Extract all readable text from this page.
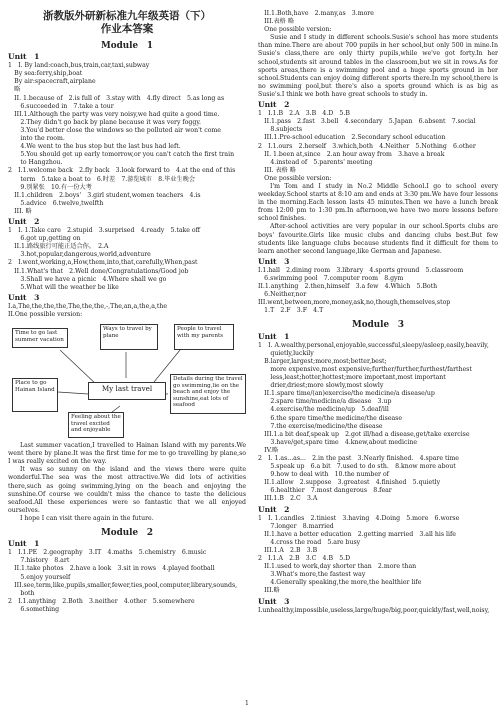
浙教版外研新标准九年级英语（下）
作业本答案
Module　1
Unit　1
1　I. By land:coach,bus,train,car,taxi,subway
　By sea:ferry,ship,boat
　By air:spacecraft,airplane
　略
　II. 1.because of　2.is full of　3.stay with　4.fly direct　5.as long as
　　6.succeeded in　7.take a tour
　III.1.Although the party was very noisy,we had quite a good time.
　　2.They didn't go back by plane because it was very foggy.
　　3.You'd better close the windows so the polluted air won't come
　　into the room.
　　4.We went to the bus stop but the last bus had left.
　　5.You should get up early tomorrow,or you can't catch the first train
　　to Hangzhou.
2　I.1.welcome back　2.fly back　3.look forward to　4.at the end of this
　　term　5.take a boat to　6.时差　7.游览城市　8.毕业生晚会
　　9.别紧张　10.有一份大考
　II.1.children　2.boys'　3.girl student,women teachers　4.is
　　5.advice　6.twelve,twelfth
　III. 略
Unit　2
1　I. 1.Take care　2.stupid　3.surprised　4.ready　5.take off
　　6.got up,getting on
　II.1.路线旅行可能正适合你。　2.A
　　3.hot,popular,dangerous,world,adventure
2　I.went,working,a,How,them,into,that,carefully,When,past
　II.1.What's that　2.Well done/Congratulations/Good job
　　3.Shall we have a picnic　4.Where shall we go
　　5.What will the weather be like
Unit　3
I.a,The,the,the,the,The,the,the,-,The,an,a,the,a,the
II.One possible version:
Time to go last summer vacation
Ways to travel by plane
People to travel with my parents
Place to go Hainan Island	My last travel
Details during the travel go swimming,lie on the beach and enjoy the sunshine,eat lots of seafood
Feeling about the travel excited and enjoyable
Last summer vacation,I travelled to Hainan Island with my parents.We went there by plane.It was the first time for me to go travelling by plane,so I was really excited on the way.
It was so sunny on the island and the views there were quite wonderful.The sea was the most attractive.We did lots of activities there,such as going swimming,lying on the beach and enjoying the sunshine.Of course we couldn't miss the chance to taste the delicious seafood.All these experiences were so fantastic that we all enjoyed ourselves.
I hope I can visit there again in the future.
Module　2
Unit　1
1　I.1.PE　2.geography　3.IT　4.maths　5.chemistry　6.music
　　7.history　8.art
　II.1.take photos　2.have a look　3.sit in rows　4.played football
　　5.enjoy yourself
　III.see,term,like,pupils,smaller,fewer,ties,pool,computer,library,sounds,
　　both
2　I.1.anything　2.Both　3.neither　4.other　5.somewhere
　　6.something
　II.1.Both,have　2.many,as　3.more
　III.表格 略
　One possible version:
Susie and I study in different schools.Susie's school has more students than mine.There are about 700 pupils in her school,but only 500 in mine.In Susie's class,there are only thirty pupils,while we've got forty.In her school,students sit around tables in the classroom,but we sit in rows.As for sports areas,there is a swimming pool and a huge sports ground in her school.Students can enjoy doing different sports there.In my school,there is no swimming pool,but there's also a sports ground which is as big as Susie's.I think we both have great schools to study in.
Unit　2
1　I.1.B　2.A　3.B　4.D　5.B
　II.1.pass　2.fast　3.bell　4.secondary　5.Japan　6.absent　7.social
　　8.subjects
　III.1.Pre-school education　2.Secondary school education
2　I.1.ours　2.herself　3.which,both　4.Neither　5.Nothing　6.other
　II. 1.been at,since　2.an hour away from　3.have a break
　　4.instead of　5.parents' meeting
　III. 表格 略
　One possible version:
I'm Tom and I study in No.2 Middle School.I go to school every weekday.School starts at 8:10 am and ends at 3:30 pm.We have four lessons in the morning.Each lesson lasts 45 minutes.Then we have a lunch break from 12:00 pm to 1:30 pm.In afternoon,we have two more lessons before school finishes.
After-school activities are very popular in our school.Sports clubs are boys' favourite.Girls like music clubs and dancing clubs best.But few students like language clubs because students find it difficult for them to learn another second language,like German and Japanese.
Unit　3
I.1.hall　2.dining room　3.library　4.sports ground　5.classroom
　6.swimming pool　7.computer room　8.gym
II.1.anything　2.then,himself　3.a few　4.Which　5.Both
　6.Neither,nor
III.went,between,more,money,ask,no,though,themselves,stop
　1.T　2.F　3.F　4.T
Module　3
Unit　1
1　I. A.wealthy,personal,enjoyable,successful,sleepy/asleep,easily,heavily,
　　quietly,luckily
　B.larger,largest;more,most;better,best;
　　more expensive,most expensive;further/further,furthest/farthest
　　less,least;hotter,hottest;more important,most important
　　drier,driest;more slowly,most slowly
　II.1.spare time/(an)exercise/the medicine/a disease/up
　　2.spare time/medicine/a disease　3.up
　　4.exercise/the medicine/up　5.deaf/ill
　　6.the spare time/the medicine/the disease
　　7.the exercise/medicine/the disease
　III.1.a bit deaf,speak up　2.got ill/had a disease,get/take exercise
　　3.have/get,spare time　4.knew,about medicine
　IV.略
2　I. 1.as...as...　2.in the past　3.Nearly finished.　4.spare time
　　5.speak up　6.a bit　7.used to do sth.　8.know more about
　　9.how to deal with　10.the number of
　II.1.allow　2.suppose　3.greatest　4.finished　5.quietly
　　6.healthier　7.most dangerous　8.fear
　III.1.B　2.C　3.A
Unit　2
1　I. 1.candles　2.tiniest　3.having　4.Doing　5.more　6.worse
　　7.longer　8.married
　II.1.have a better education　2.getting married　3.all his life
　　4.cross the road　5.are busy
　III.1.A　2.B　3.B
2　I.1.A　2.B　3.C　4.B　5.D
　II.1.used to work,day shorter than　2.more than
　　3.What's more,the fastest way
　　4.Generally speaking,the more,the healthier life
　III.略
Unit　3
I.unhealthy,impossible,useless,large/huge/big,poor,quickly/fast,well,noisy,
1
